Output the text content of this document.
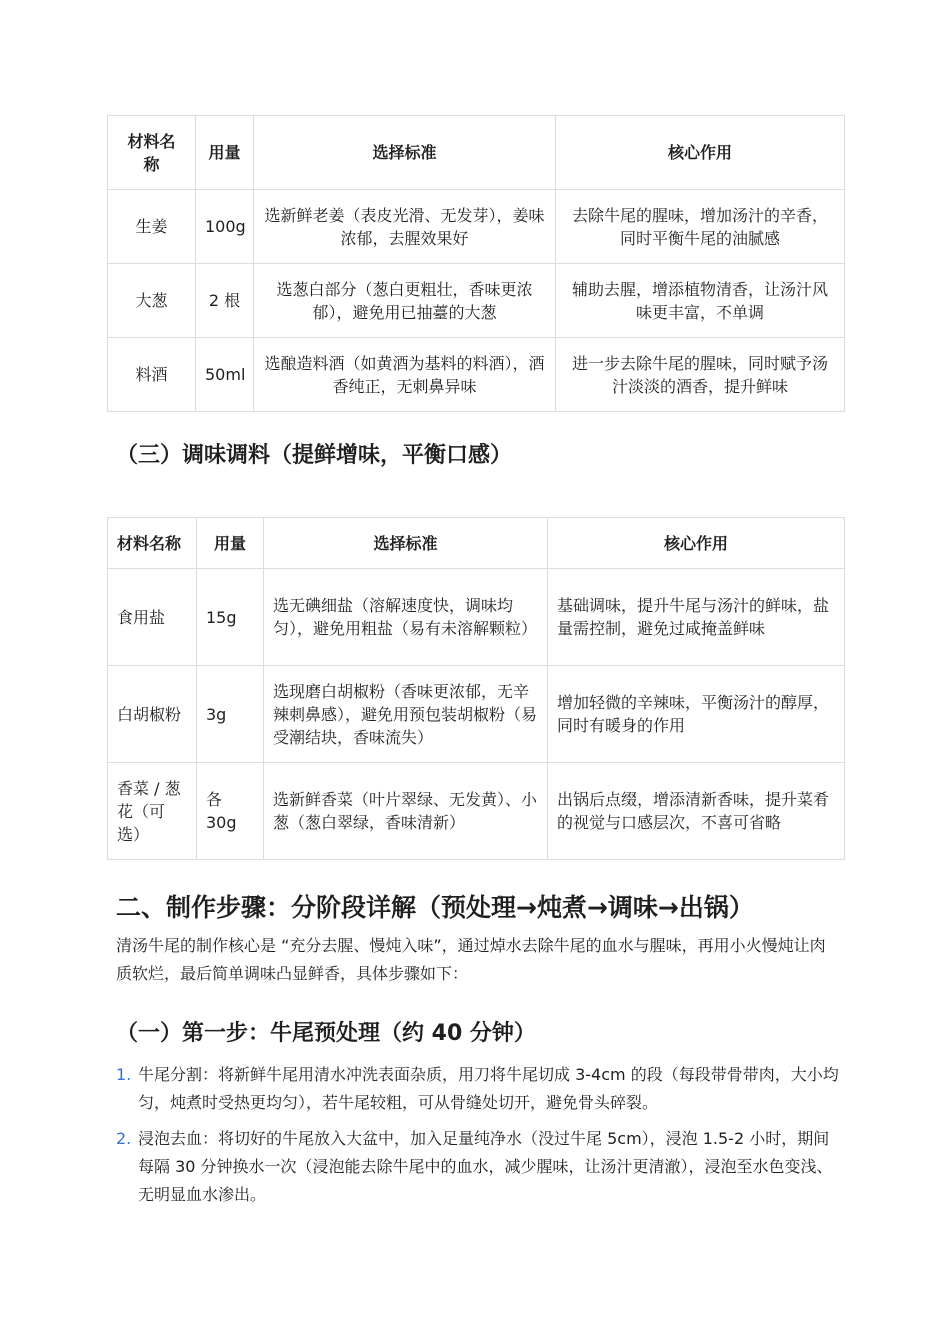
材料名称	用量	选择标准	核心作用
生姜	100g	选新鲜老姜（表皮光滑、无发芽），姜味浓郁，去腥效果好	去除牛尾的腥味，增加汤汁的辛香，同时平衡牛尾的油腻感
大葱	2 根	选葱白部分（葱白更粗壮，香味更浓郁），避免用已抽薹的大葱	辅助去腥，增添植物清香，让汤汁风味更丰富，不单调
料酒	50ml	选酿造料酒（如黄酒为基料的料酒），酒香纯正，无刺鼻异味	进一步去除牛尾的腥味，同时赋予汤汁淡淡的酒香，提升鲜味
（三）调味调料（提鲜增味，平衡口感）
材料名称	用量	选择标准	核心作用
食用盐	15g	选无碘细盐（溶解速度快，调味均匀），避免用粗盐（易有未溶解颗粒）	基础调味，提升牛尾与汤汁的鲜味，盐量需控制，避免过咸掩盖鲜味
白胡椒粉	3g	选现磨白胡椒粉（香味更浓郁，无辛辣刺鼻感），避免用预包装胡椒粉（易受潮结块，香味流失）	增加轻微的辛辣味，平衡汤汁的醇厚，同时有暖身的作用
香菜 / 葱花（可选）	各 30g	选新鲜香菜（叶片翠绿、无发黄）、小葱（葱白翠绿，香味清新）	出锅后点缀，增添清新香味，提升菜肴的视觉与口感层次，不喜可省略
二、制作步骤：分阶段详解（预处理→炖煮→调味→出锅）

清汤牛尾的制作核心是 “充分去腥、慢炖入味”，通过焯水去除牛尾的血水与腥味，再用小火慢炖让肉质软烂，最后简单调味凸显鲜香，具体步骤如下：

（一）第一步：牛尾预处理（约 40 分钟）
1. 牛尾分割：将新鲜牛尾用清水冲洗表面杂质，用刀将牛尾切成 3-4cm 的段（每段带骨带肉，大小均匀，炖煮时受热更均匀），若牛尾较粗，可从骨缝处切开，避免骨头碎裂。
2. 浸泡去血：将切好的牛尾放入大盆中，加入足量纯净水（没过牛尾 5cm），浸泡 1.5-2 小时，期间每隔 30 分钟换水一次（浸泡能去除牛尾中的血水，减少腥味，让汤汁更清澈），浸泡至水色变浅、无明显血水渗出。
